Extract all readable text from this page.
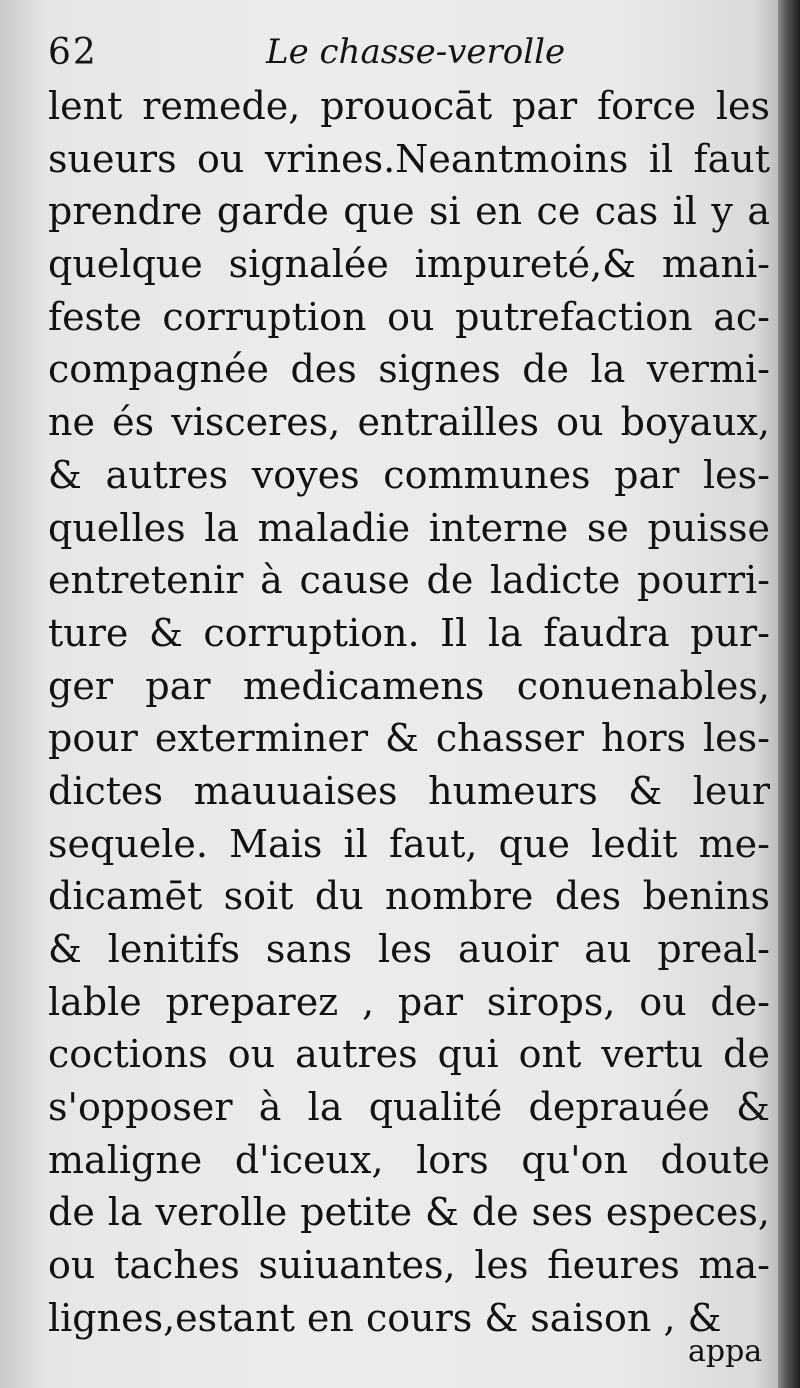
62	Le chasse-verolle
lent remede, prouocāt par force les
sueurs ou vrines.Neantmoins il faut
prendre garde que si en ce cas il y a
quelque signalée impureté,& mani-
feste corruption ou putrefaction ac-
compagnée des signes de la vermi-
ne és visceres, entrailles ou boyaux,
& autres voyes communes par les-
quelles la maladie interne se puisse
entretenir à cause de ladicte pourri-
ture & corruption. Il la faudra pur-
ger par medicamens conuenables,
pour exterminer & chasser hors les-
dictes mauuaises humeurs & leur
sequele. Mais il faut, que ledit me-
dicamēt soit du nombre des benins
& lenitifs sans les auoir au preal-
lable preparez , par sirops, ou de-
coctions ou autres qui ont vertu de
s'opposer à la qualité deprauée &
maligne d'iceux, lors qu'on doute
de la verolle petite & de ses especes,
ou taches suiuantes, les fieures ma-
lignes,estant en cours & saison , &
appa
